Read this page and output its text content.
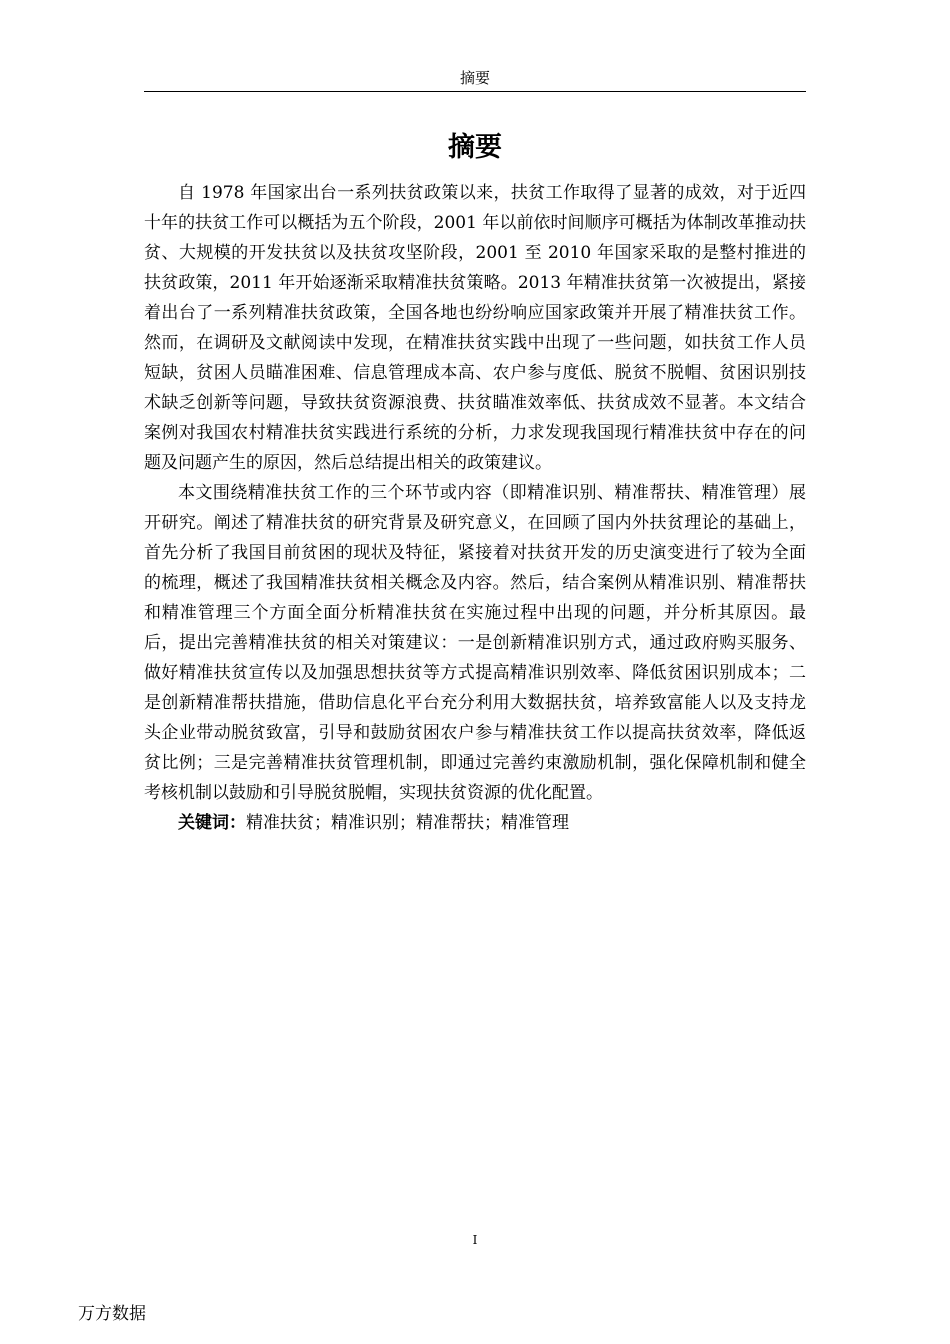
摘要
摘要

自 1978 年国家出台一系列扶贫政策以来，扶贫工作取得了显著的成效，对于近四十年的扶贫工作可以概括为五个阶段，2001 年以前依时间顺序可概括为体制改革推动扶贫、大规模的开发扶贫以及扶贫攻坚阶段，2001 至 2010 年国家采取的是整村推进的扶贫政策，2011 年开始逐渐采取精准扶贫策略。2013 年精准扶贫第一次被提出，紧接着出台了一系列精准扶贫政策，全国各地也纷纷响应国家政策并开展了精准扶贫工作。然而，在调研及文献阅读中发现，在精准扶贫实践中出现了一些问题，如扶贫工作人员短缺，贫困人员瞄准困难、信息管理成本高、农户参与度低、脱贫不脱帽、贫困识别技术缺乏创新等问题，导致扶贫资源浪费、扶贫瞄准效率低、扶贫成效不显著。本文结合案例对我国农村精准扶贫实践进行系统的分析，力求发现我国现行精准扶贫中存在的问题及问题产生的原因，然后总结提出相关的政策建议。

本文围绕精准扶贫工作的三个环节或内容（即精准识别、精准帮扶、精准管理）展开研究。阐述了精准扶贫的研究背景及研究意义，在回顾了国内外扶贫理论的基础上，首先分析了我国目前贫困的现状及特征，紧接着对扶贫开发的历史演变进行了较为全面的梳理，概述了我国精准扶贫相关概念及内容。然后，结合案例从精准识别、精准帮扶和精准管理三个方面全面分析精准扶贫在实施过程中出现的问题，并分析其原因。最后，提出完善精准扶贫的相关对策建议：一是创新精准识别方式，通过政府购买服务、做好精准扶贫宣传以及加强思想扶贫等方式提高精准识别效率、降低贫困识别成本；二是创新精准帮扶措施，借助信息化平台充分利用大数据扶贫，培养致富能人以及支持龙头企业带动脱贫致富，引导和鼓励贫困农户参与精准扶贫工作以提高扶贫效率，降低返贫比例；三是完善精准扶贫管理机制，即通过完善约束激励机制，强化保障机制和健全考核机制以鼓励和引导脱贫脱帽，实现扶贫资源的优化配置。

关键词：精准扶贫；精准识别；精准帮扶；精准管理

I
万方数据
